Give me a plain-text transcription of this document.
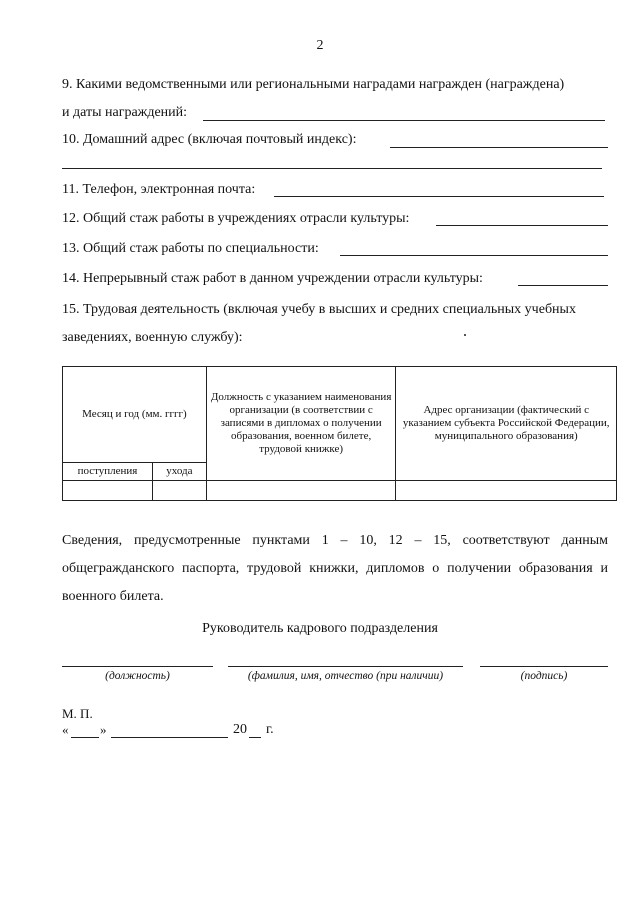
2
9. Какими ведомственными или региональными наградами награжден (награждена)
и даты награждений:
10. Домашний адрес (включая почтовый индекс):
11. Телефон, электронная почта:
12. Общий стаж работы в учреждениях отрасли культуры:
13. Общий стаж работы по специальности:
14. Непрерывный стаж работ в данном учреждении отрасли культуры:
15. Трудовая деятельность (включая учебу в высших и средних специальных учебных
заведениях, военную службу):
Месяц и год (мм. гггг)		Должность с указанием наименования организации (в соответствии с записями в дипломах о получении образования, военном билете, трудовой книжке)	Адрес организации (фактический с указанием субъекта Российской Федерации, муниципального образования)
поступления	ухода		

Сведения, предусмотренные пунктами 1 – 10, 12 – 15, соответствуют данным общегражданского паспорта, трудовой книжки, дипломов о получении образования и военного билета.
Руководитель кадрового подразделения
(должность)	(фамилия, имя, отчество (при наличии)	(подпись)
М. П.
« »	20 г.
